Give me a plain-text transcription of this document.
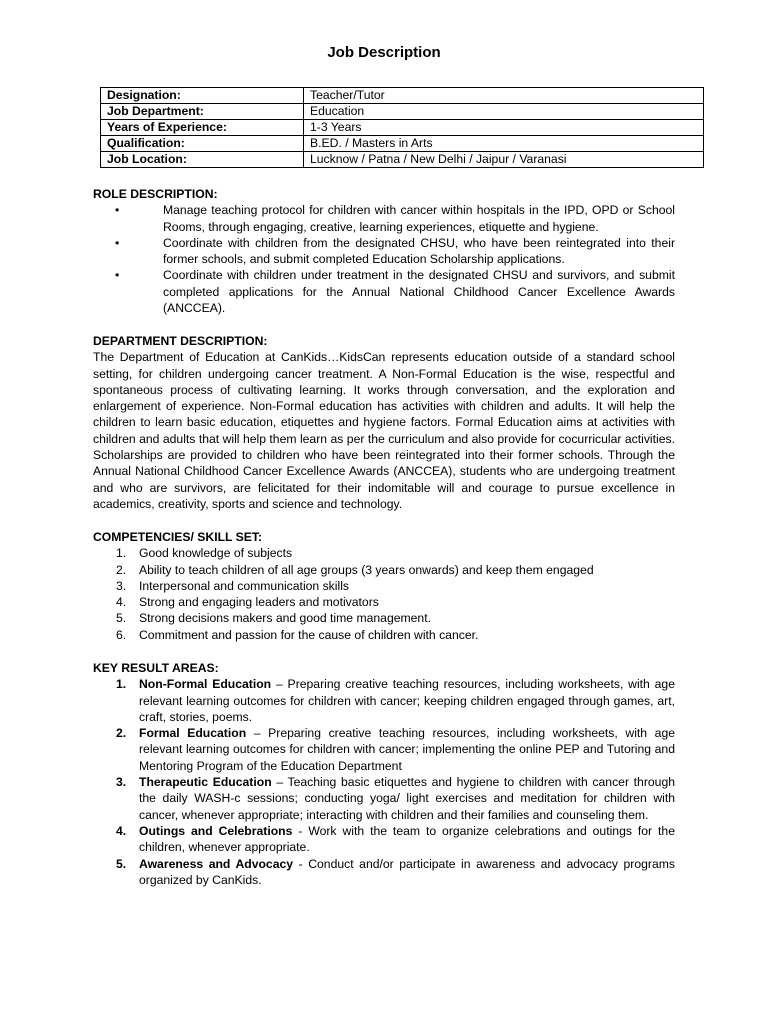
Job Description
Designation:	Teacher/Tutor
Job Department:	Education
Years of Experience:	1-3 Years
Qualification:	B.ED. / Masters in Arts
Job Location:	Lucknow / Patna / New Delhi / Jaipur / Varanasi
ROLE DESCRIPTION:
•	Manage teaching protocol for children with cancer within hospitals in the IPD, OPD or School Rooms, through engaging, creative, learning experiences, etiquette and hygiene.
•	Coordinate with children from the designated CHSU, who have been reintegrated into their former schools, and submit completed Education Scholarship applications.
•	Coordinate with children under treatment in the designated CHSU and survivors, and submit completed applications for the Annual National Childhood Cancer Excellence Awards (ANCCEA).
DEPARTMENT DESCRIPTION:
The Department of Education at CanKids…KidsCan represents education outside of a standard school setting, for children undergoing cancer treatment. A Non-Formal Education is the wise, respectful and spontaneous process of cultivating learning. It works through conversation, and the exploration and enlargement of experience. Non-Formal education has activities with children and adults. It will help the children to learn basic education, etiquettes and hygiene factors. Formal Education aims at activities with children and adults that will help them learn as per the curriculum and also provide for cocurricular activities. Scholarships are provided to children who have been reintegrated into their former schools. Through the Annual National Childhood Cancer Excellence Awards (ANCCEA), students who are undergoing treatment and who are survivors, are felicitated for their indomitable will and courage to pursue excellence in academics, creativity, sports and science and technology.
COMPETENCIES/ SKILL SET:
1. Good knowledge of subjects
2. Ability to teach children of all age groups (3 years onwards) and keep them engaged
3. Interpersonal and communication skills
4. Strong and engaging leaders and motivators
5. Strong decisions makers and good time management.
6. Commitment and passion for the cause of children with cancer.
KEY RESULT AREAS:
1. Non-Formal Education – Preparing creative teaching resources, including worksheets, with age relevant learning outcomes for children with cancer; keeping children engaged through games, art, craft, stories, poems.
2. Formal Education – Preparing creative teaching resources, including worksheets, with age relevant learning outcomes for children with cancer; implementing the online PEP and Tutoring and Mentoring Program of the Education Department
3. Therapeutic Education – Teaching basic etiquettes and hygiene to children with cancer through the daily WASH-c sessions; conducting yoga/ light exercises and meditation for children with cancer, whenever appropriate; interacting with children and their families and counseling them.
4. Outings and Celebrations - Work with the team to organize celebrations and outings for the children, whenever appropriate.
5. Awareness and Advocacy - Conduct and/or participate in awareness and advocacy programs organized by CanKids.
